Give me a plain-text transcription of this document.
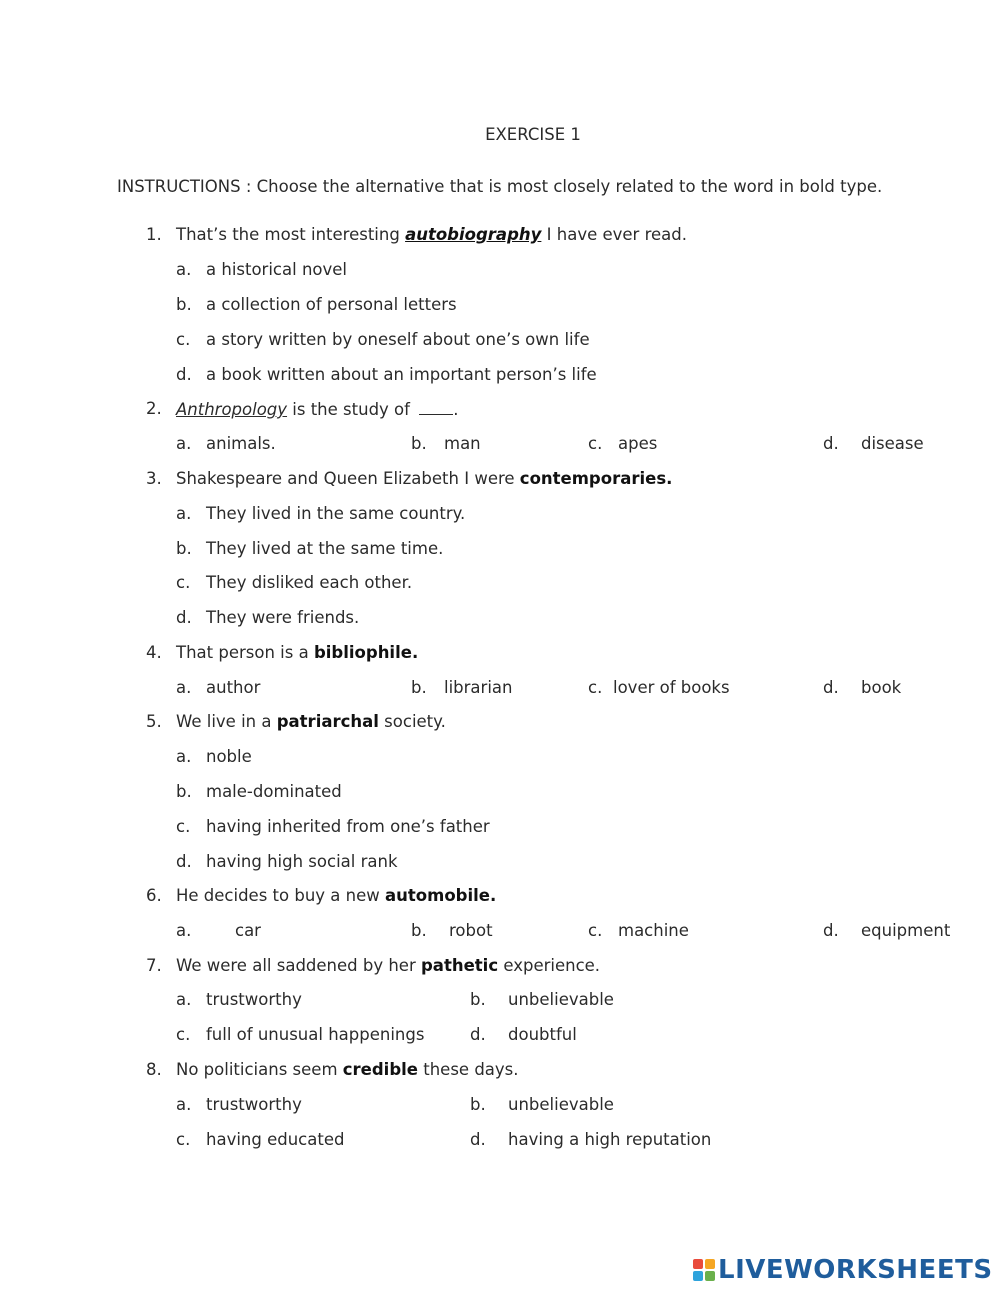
EXERCISE 1
INSTRUCTIONS : Choose the alternative that is most closely related to the word in bold type.
1. That’s the most interesting autobiography I have ever read.
a. a historical novel
b. a collection of personal letters
c. a story written by oneself about one’s own life
d. a book written about an important person’s life
2. Anthropology is the study of .
a. animals.	b. man	c. apes	d. disease
3. Shakespeare and Queen Elizabeth I were contemporaries.
a. They lived in the same country.
b. They lived at the same time.
c. They disliked each other.
d. They were friends.
4. That person is a bibliophile.
a. author	b. librarian	c. lover of books	d. book
5. We live in a patriarchal society.
a. noble
b. male-dominated
c. having inherited from one’s father
d. having high social rank
6. He decides to buy a new automobile.
a.	car	b. robot	c. machine	d. equipment
7. We were all saddened by her pathetic experience.
a. trustworthy	b. unbelievable
c. full of unusual happenings	d. doubtful
8. No politicians seem credible these days.
a. trustworthy	b. unbelievable
c. having educated	d. having a high reputation
LIVEWORKSHEETS
